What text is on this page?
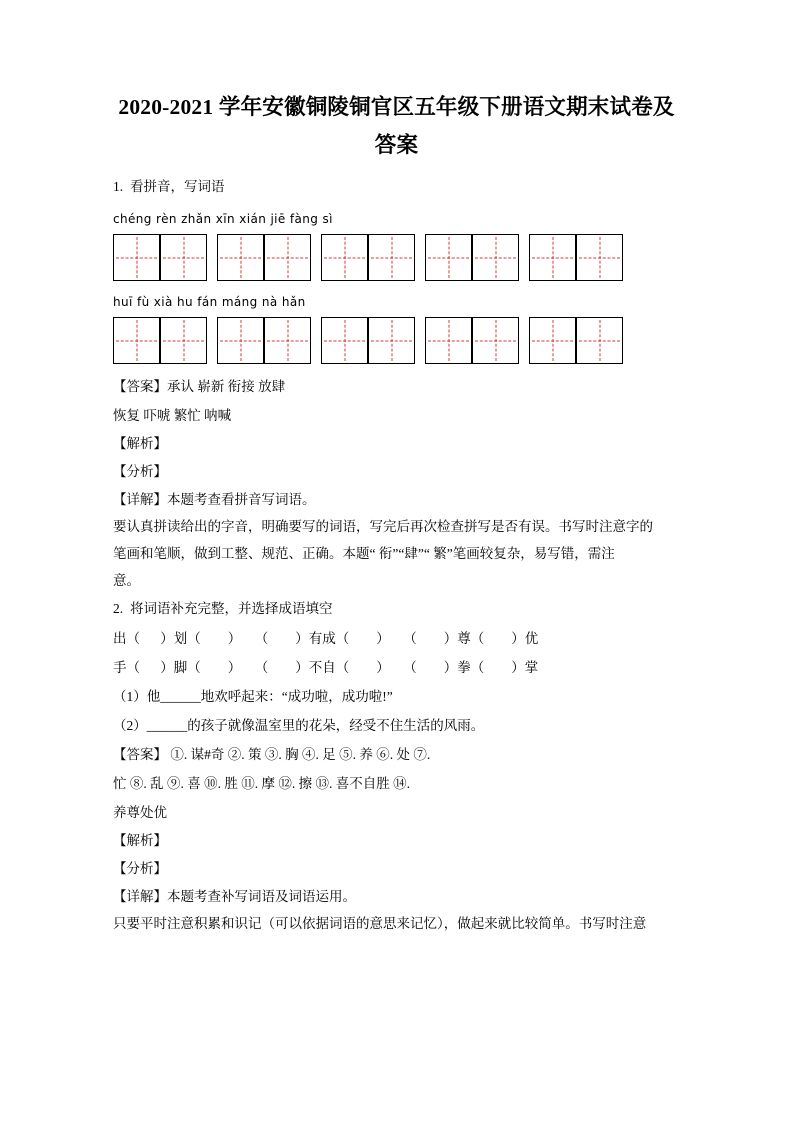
2020-2021 学年安徽铜陵铜官区五年级下册语文期末试卷及答案

1. 看拼音，写词语

chéng rèn zhǎn xīn xián jiē fàng sì

huī fù xià hu fán máng nà hǎn

【答案】承认 崭新 衔接 放肆

恢复 吓唬 繁忙 呐喊

【解析】

【分析】

【详解】本题考查看拼音写词语。

要认真拼读给出的字音，明确要写的词语，写完后再次检查拼写是否有误。书写时注意字的

笔画和笔顺，做到工整、规范、正确。本题“ 衔”“肆”“ 繁”笔画较复杂，易写错，需注

意。

2. 将词语补充完整，并选择成语填空

出（      ）划（        ）    （        ）有成（        ）    （        ）尊（        ）优

手（      ）脚（        ）    （        ）不自（        ）    （        ）拳（        ）掌

（1）他______地欢呼起来：“成功啦，成功啦!”

（2）______的孩子就像温室里的花朵，经受不住生活的风雨。

【答案】 ①. 谋#奇 ②. 策 ③. 胸 ④. 足 ⑤. 养 ⑥. 处 ⑦.

忙 ⑧. 乱 ⑨. 喜 ⑩. 胜 ⑪. 摩 ⑫. 擦 ⑬. 喜不自胜 ⑭.

养尊处优

【解析】

【分析】

【详解】本题考查补写词语及词语运用。

只要平时注意积累和识记（可以依据词语的意思来记忆），做起来就比较简单。书写时注意
